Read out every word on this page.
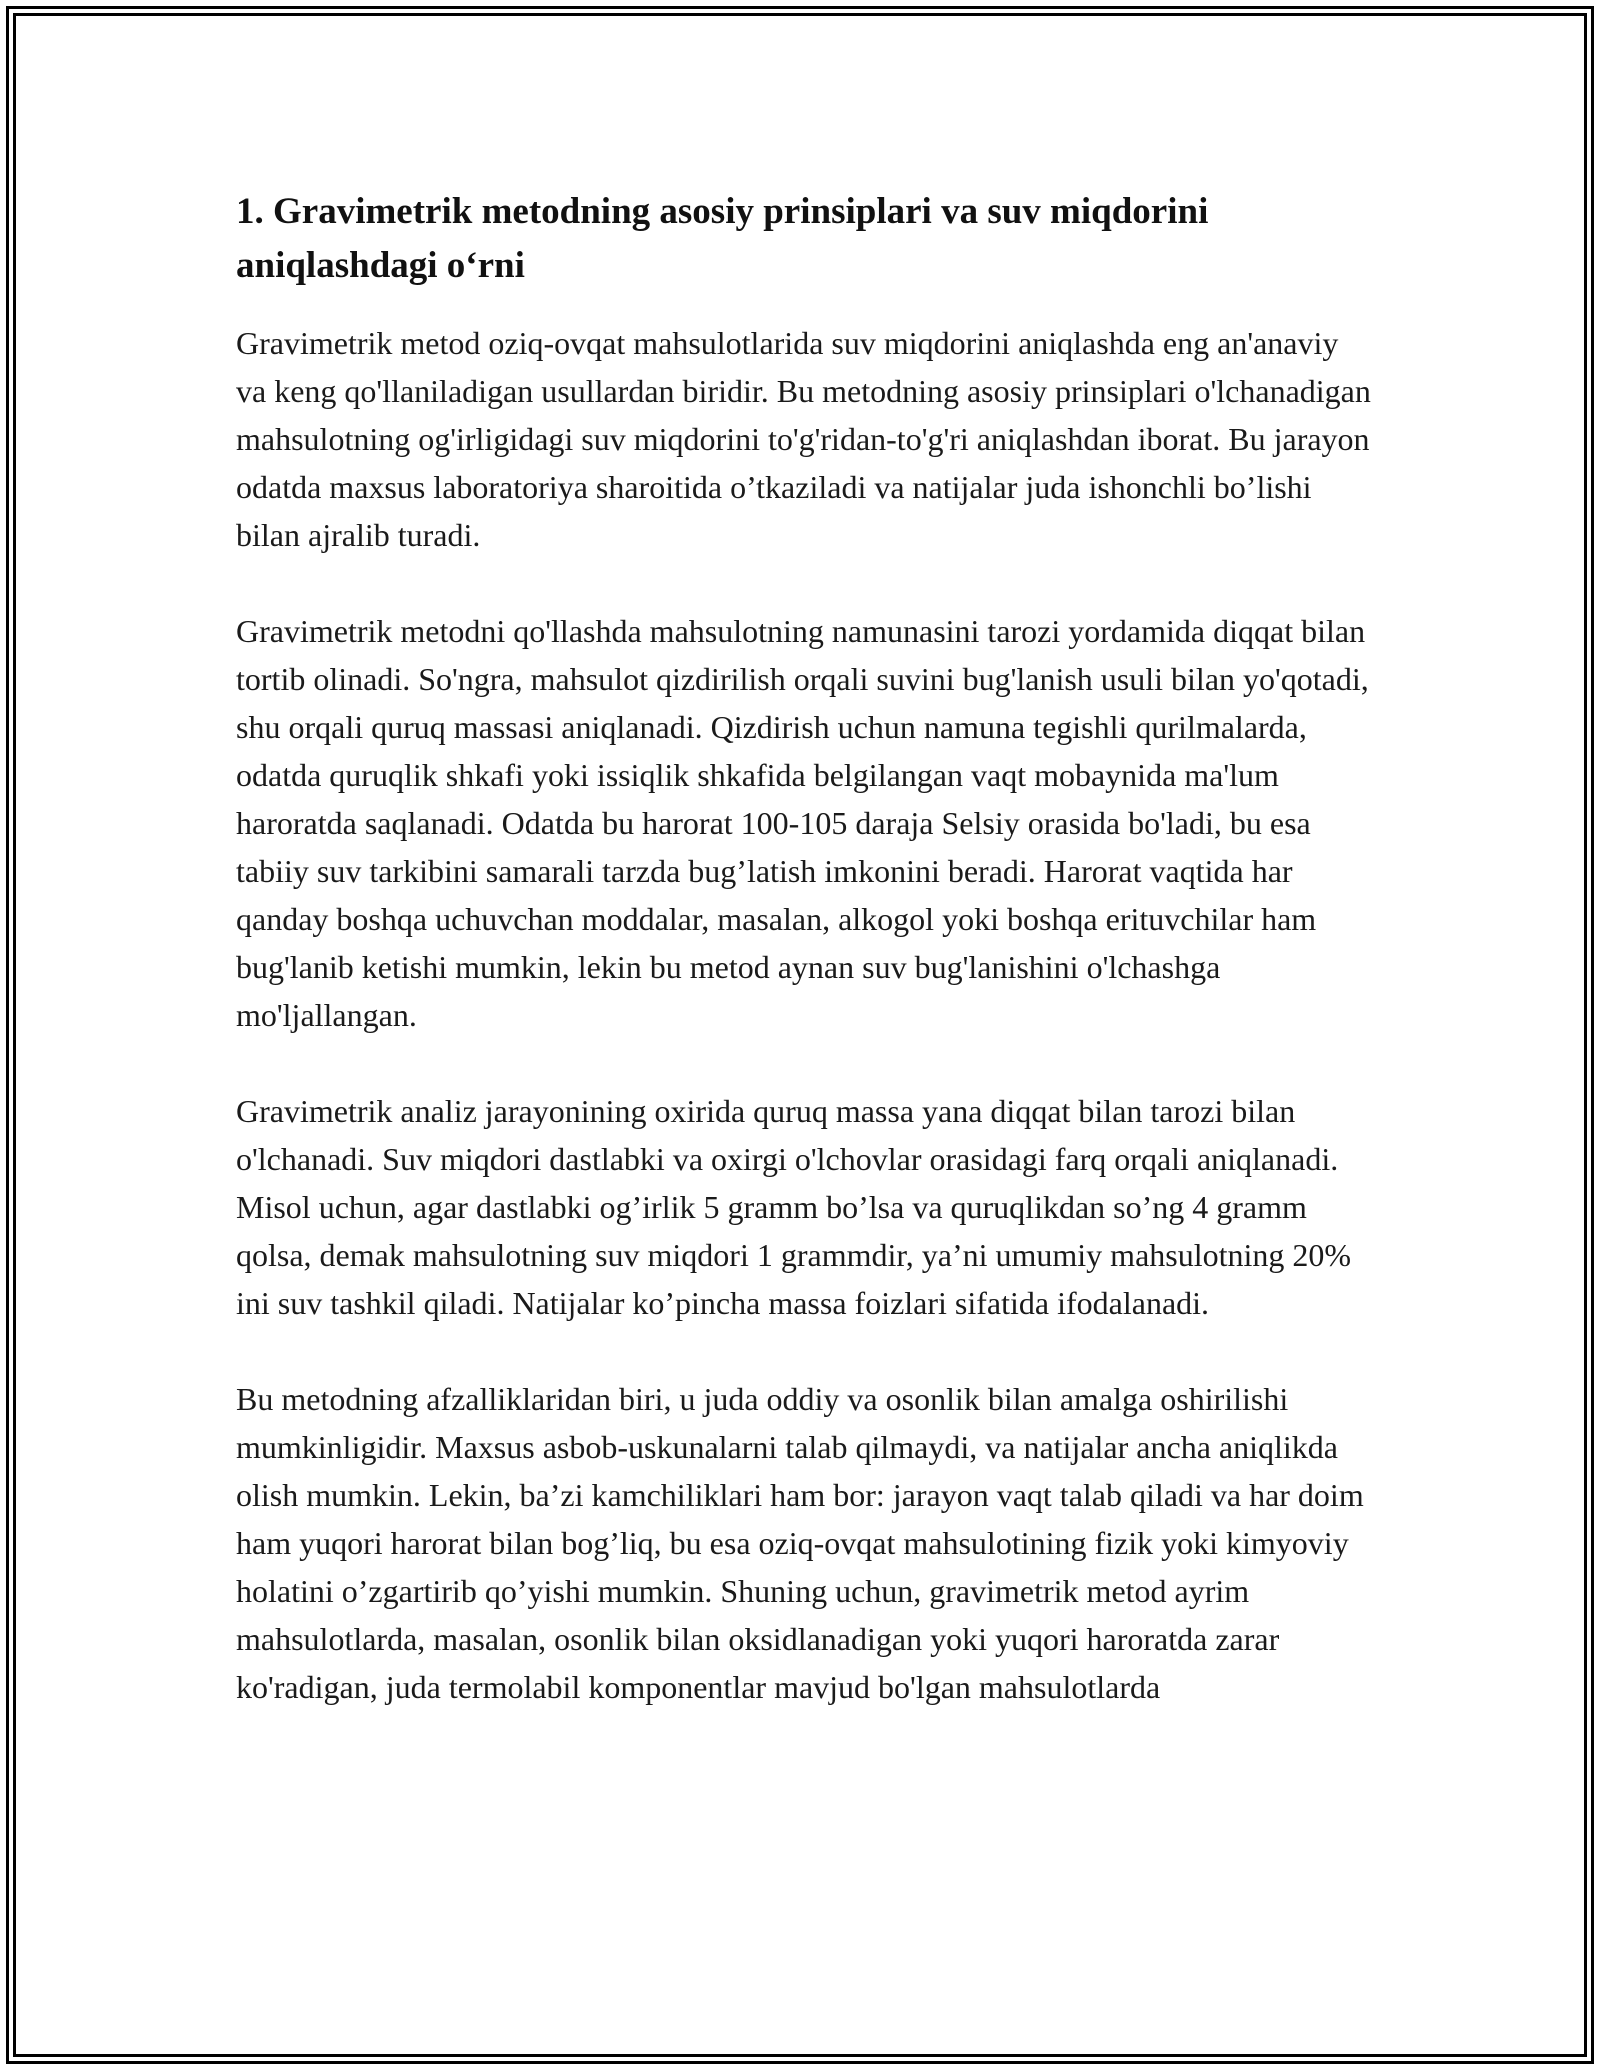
1. Gravimetrik metodning asosiy prinsiplari va suv miqdorini aniqlashdagi o‘rni

Gravimetrik metod oziq-ovqat mahsulotlarida suv miqdorini aniqlashda eng an'anaviy va keng qo'llaniladigan usullardan biridir. Bu metodning asosiy prinsiplari o'lchanadigan mahsulotning og'irligidagi suv miqdorini to'g'ridan-to'g'ri aniqlashdan iborat. Bu jarayon odatda maxsus laboratoriya sharoitida o’tkaziladi va natijalar juda ishonchli bo’lishi bilan ajralib turadi.

Gravimetrik metodni qo'llashda mahsulotning namunasini tarozi yordamida diqqat bilan tortib olinadi. So'ngra, mahsulot qizdirilish orqali suvini bug'lanish usuli bilan yo'qotadi, shu orqali quruq massasi aniqlanadi. Qizdirish uchun namuna tegishli qurilmalarda, odatda quruqlik shkafi yoki issiqlik shkafida belgilangan vaqt mobaynida ma'lum haroratda saqlanadi. Odatda bu harorat 100-105 daraja Selsiy orasida bo'ladi, bu esa tabiiy suv tarkibini samarali tarzda bug’latish imkonini beradi. Harorat vaqtida har qanday boshqa uchuvchan moddalar, masalan, alkogol yoki boshqa erituvchilar ham bug'lanib ketishi mumkin, lekin bu metod aynan suv bug'lanishini o'lchashga mo'ljallangan.

Gravimetrik analiz jarayonining oxirida quruq massa yana diqqat bilan tarozi bilan o'lchanadi. Suv miqdori dastlabki va oxirgi o'lchovlar orasidagi farq orqali aniqlanadi. Misol uchun, agar dastlabki og’irlik 5 gramm bo’lsa va quruqlikdan so’ng 4 gramm qolsa, demak mahsulotning suv miqdori 1 grammdir, ya’ni umumiy mahsulotning 20% ini suv tashkil qiladi. Natijalar ko’pincha massa foizlari sifatida ifodalanadi.

Bu metodning afzalliklaridan biri, u juda oddiy va osonlik bilan amalga oshirilishi mumkinligidir. Maxsus asbob-uskunalarni talab qilmaydi, va natijalar ancha aniqlikda olish mumkin. Lekin, ba’zi kamchiliklari ham bor: jarayon vaqt talab qiladi va har doim ham yuqori harorat bilan bog’liq, bu esa oziq-ovqat mahsulotining fizik yoki kimyoviy holatini o’zgartirib qo’yishi mumkin. Shuning uchun, gravimetrik metod ayrim mahsulotlarda, masalan, osonlik bilan oksidlanadigan yoki yuqori haroratda zarar ko'radigan, juda termolabil komponentlar mavjud bo'lgan mahsulotlarda
